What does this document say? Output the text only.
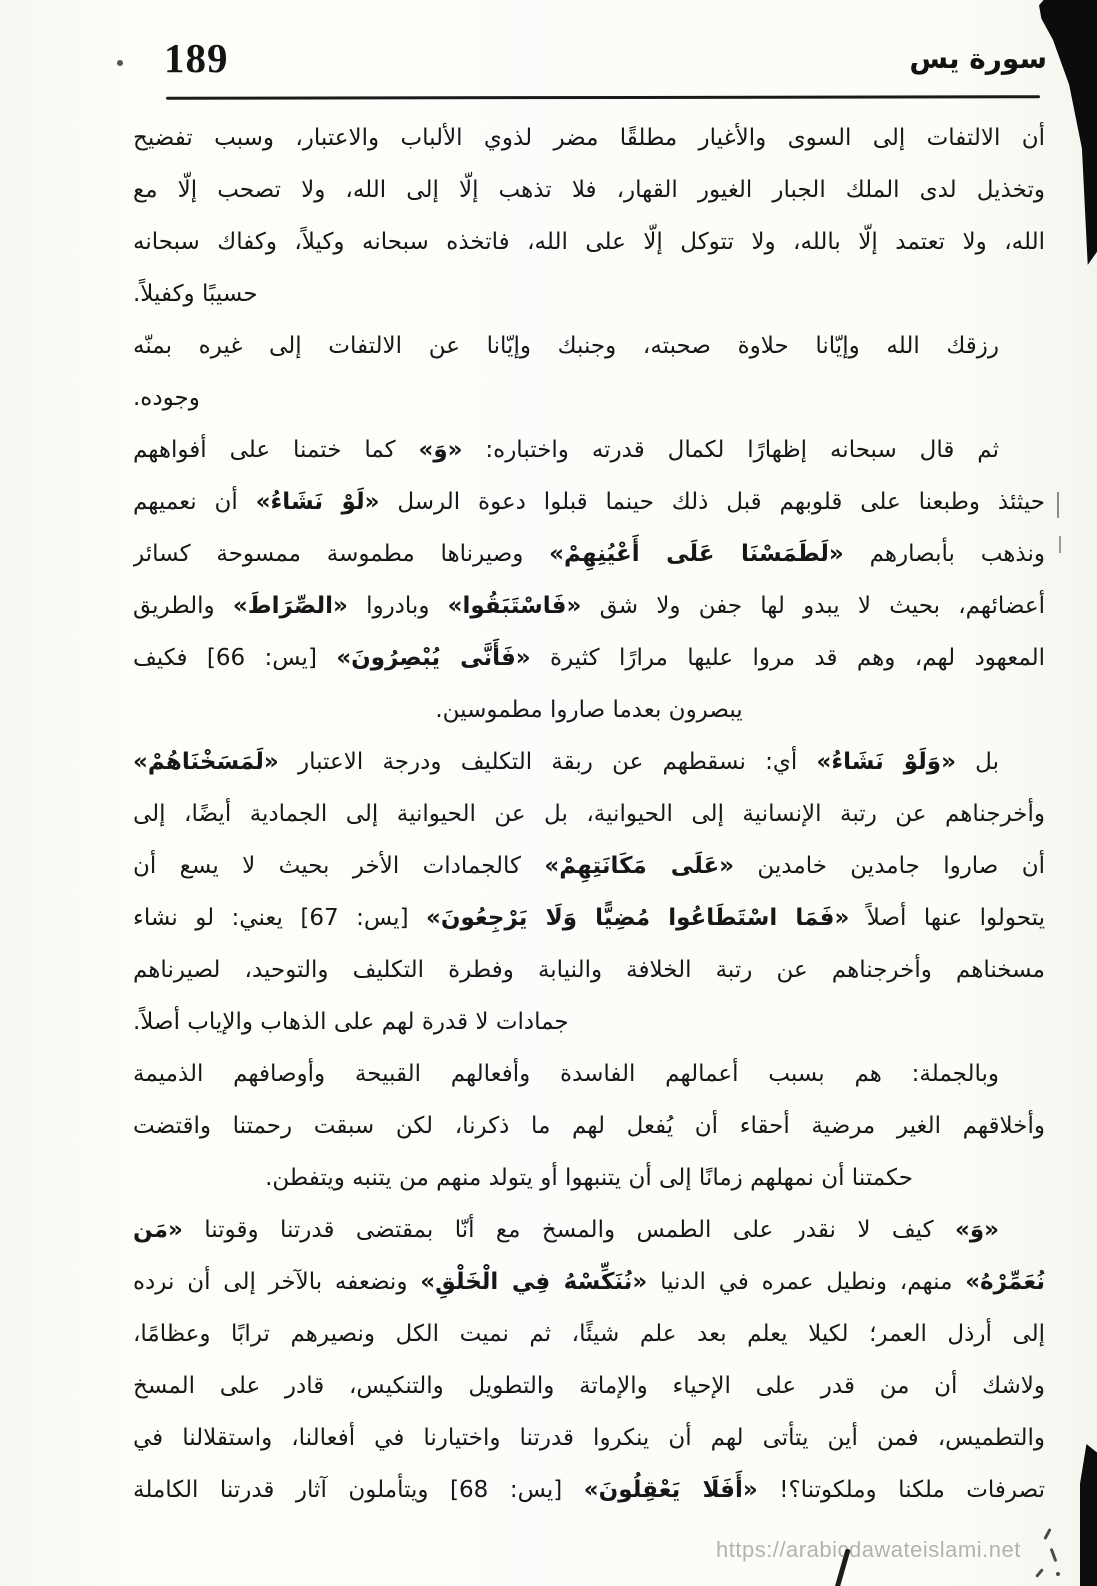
189	سورة يس
أن الالتفات إلى السوى والأغيار مطلقًا مضر لذوي الألباب والاعتبار، وسبب تفضيح
وتخذيل لدى الملك الجبار الغيور القهار، فلا تذهب إلّا إلى الله، ولا تصحب إلّا مع
الله، ولا تعتمد إلّا بالله، ولا تتوكل إلّا على الله، فاتخذه سبحانه وكيلاً، وكفاك سبحانه
حسيبًا وكفيلاً.
رزقك الله وإيّانا حلاوة صحبته، وجنبك وإيّانا عن الالتفات إلى غيره بمنّه
وجوده.
ثم قال سبحانه إظهارًا لكمال قدرته واختباره: «وَ» كما ختمنا على أفواههم
حيثئذ وطبعنا على قلوبهم قبل ذلك حينما قبلوا دعوة الرسل «لَوْ نَشَاءُ» أن نعميهم
ونذهب بأبصارهم «لَطَمَسْنَا عَلَى أَعْيُنِهِمْ» وصيرناها مطموسة ممسوحة كسائر
أعضائهم، بحيث لا يبدو لها جفن ولا شق «فَاسْتَبَقُوا» وبادروا «الصِّرَاطَ» والطريق
المعهود لهم، وهم قد مروا عليها مرارًا كثيرة «فَأَنَّى يُبْصِرُونَ» [يس: 66] فكيف
يبصرون بعدما صاروا مطموسين.
بل «وَلَوْ نَشَاءُ» أي: نسقطهم عن ربقة التكليف ودرجة الاعتبار «لَمَسَخْنَاهُمْ»
وأخرجناهم عن رتبة الإنسانية إلى الحيوانية، بل عن الحيوانية إلى الجمادية أيضًا، إلى
أن صاروا جامدين خامدين «عَلَى مَكَانَتِهِمْ» كالجمادات الأخر بحيث لا يسع أن
يتحولوا عنها أصلاً «فَمَا اسْتَطَاعُوا مُضِيًّا وَلَا يَرْجِعُونَ» [يس: 67] يعني: لو نشاء
مسخناهم وأخرجناهم عن رتبة الخلافة والنيابة وفطرة التكليف والتوحيد، لصيرناهم
جمادات لا قدرة لهم على الذهاب والإياب أصلاً.
وبالجملة: هم بسبب أعمالهم الفاسدة وأفعالهم القبيحة وأوصافهم الذميمة
وأخلاقهم الغير مرضية أحقاء أن يُفعل لهم ما ذكرنا، لكن سبقت رحمتنا واقتضت
حكمتنا أن نمهلهم زمانًا إلى أن يتنبهوا أو يتولد منهم من يتنبه ويتفطن.
«وَ» كيف لا نقدر على الطمس والمسخ مع أنّا بمقتضى قدرتنا وقوتنا «مَن
نُعَمِّرْهُ» منهم، ونطيل عمره في الدنيا «نُنَكِّسْهُ فِي الْخَلْقِ» ونضعفه بالآخر إلى أن نرده
إلى أرذل العمر؛ لكيلا يعلم بعد علم شيئًا، ثم نميت الكل ونصيرهم ترابًا وعظامًا،
ولاشك أن من قدر على الإحياء والإماتة والتطويل والتنكيس، قادر على المسخ
والتطميس، فمن أين يتأتى لهم أن ينكروا قدرتنا واختيارنا في أفعالنا، واستقلالنا في
تصرفات ملكنا وملكوتنا؟! «أَفَلَا يَعْقِلُونَ» [يس: 68] ويتأملون آثار قدرتنا الكاملة
https://arabicdawateislami.net
